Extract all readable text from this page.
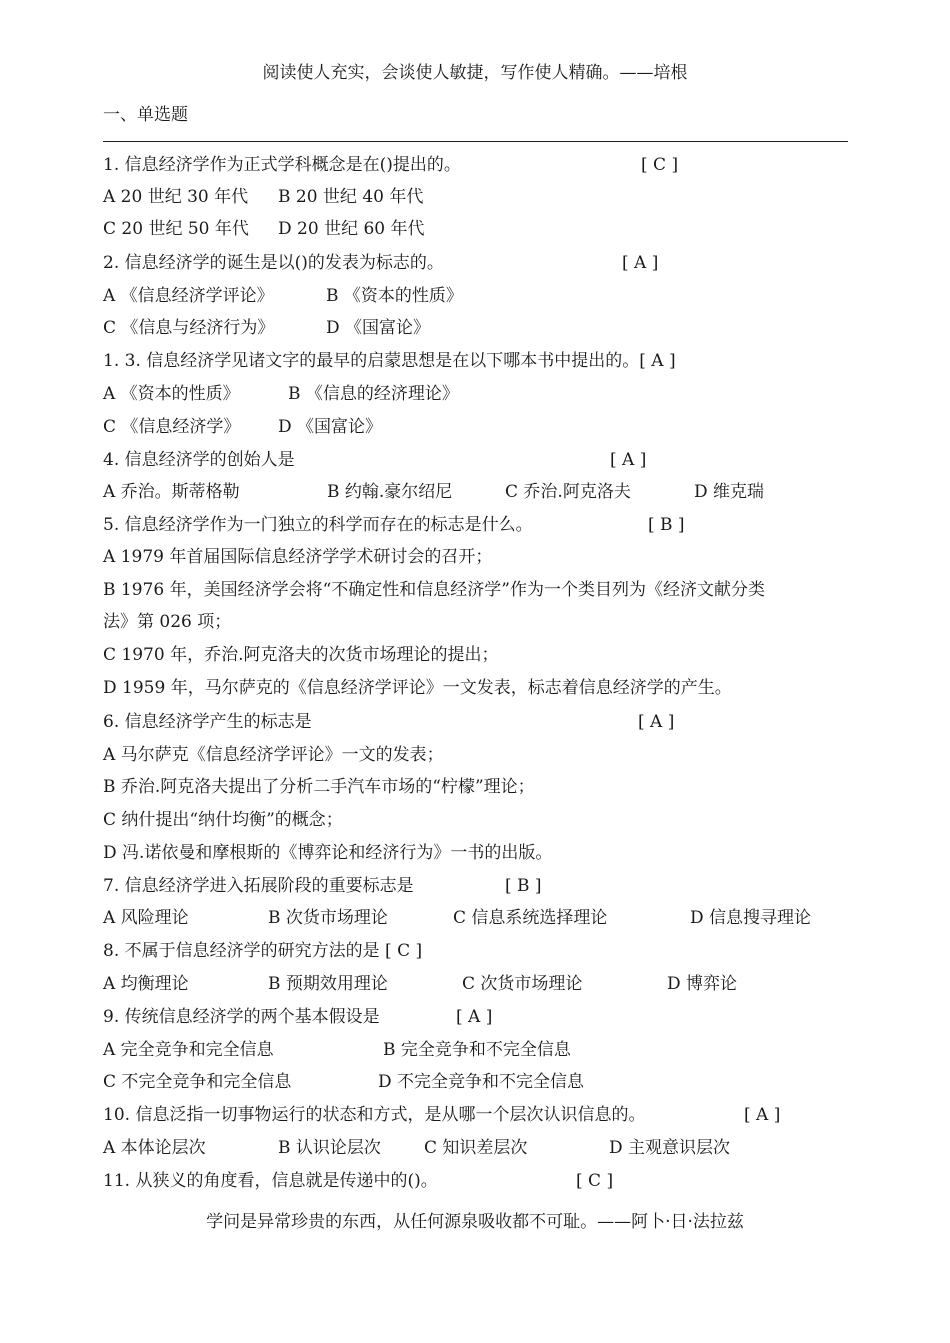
阅读使人充实，会谈使人敏捷，写作使人精确。——培根
一、单选题
1. 信息经济学作为正式学科概念是在()提出的。	[ C ]
A 20 世纪 30 年代 B 20 世纪 40 年代
C 20 世纪 50 年代 D 20 世纪 60 年代
2. 信息经济学的诞生是以()的发表为标志的。	[ A ]
A 《信息经济学评论》	B 《资本的性质》
C 《信息与经济行为》	D 《国富论》
1. 3. 信息经济学见诸文字的最早的启蒙思想是在以下哪本书中提出的。[ A ]
A 《资本的性质》	B 《信息的经济理论》
C 《信息经济学》 D 《国富论》
4. 信息经济学的创始人是	[ A ]
A 乔治。斯蒂格勒	B 约翰.豪尔绍尼	C 乔治.阿克洛夫	D 维克瑞
5. 信息经济学作为一门独立的科学而存在的标志是什么。	[ B ]
A 1979 年首届国际信息经济学学术研讨会的召开；
B 1976 年，美国经济学会将“不确定性和信息经济学”作为一个类目列为《经济文献分类
法》第 026 项；
C 1970 年，乔治.阿克洛夫的次货市场理论的提出；
D 1959 年，马尔萨克的《信息经济学评论》一文发表，标志着信息经济学的产生。
6. 信息经济学产生的标志是	[ A ]
A 马尔萨克《信息经济学评论》一文的发表；
B 乔治.阿克洛夫提出了分析二手汽车市场的“柠檬”理论；
C 纳什提出“纳什均衡”的概念；
D 冯.诺依曼和摩根斯的《博弈论和经济行为》一书的出版。
7. 信息经济学进入拓展阶段的重要标志是	[ B ]
A 风险理论	B 次货市场理论	C 信息系统选择理论	D 信息搜寻理论
8. 不属于信息经济学的研究方法的是 [ C ]
A 均衡理论	B 预期效用理论	C 次货市场理论	D 博弈论
9. 传统信息经济学的两个基本假设是	[ A ]
A 完全竞争和完全信息	B 完全竞争和不完全信息
C 不完全竞争和完全信息	D 不完全竞争和不完全信息
10. 信息泛指一切事物运行的状态和方式，是从哪一个层次认识信息的。	[ A ]
A 本体论层次	B 认识论层次	C 知识差层次	D 主观意识层次
11. 从狭义的角度看，信息就是传递中的()。	[ C ]
学问是异常珍贵的东西，从任何源泉吸收都不可耻。——阿卜·日·法拉兹
